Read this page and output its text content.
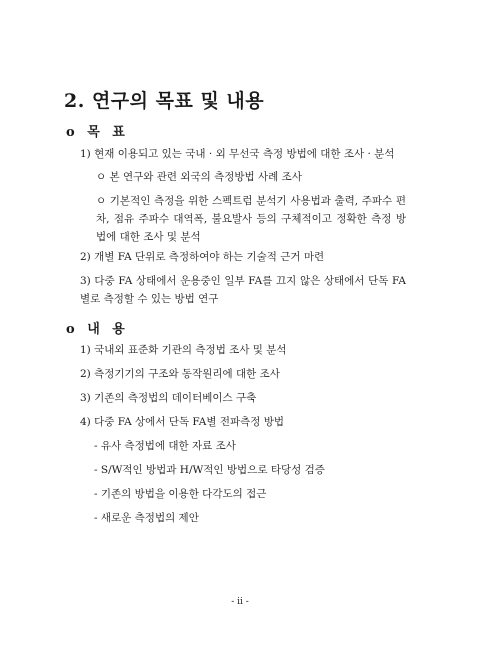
2. 연구의 목표 및 내용
o 목 표
1) 현재 이용되고 있는 국내 · 외 무선국 측정 방법에 대한 조사 · 분석
ㅇ 본 연구와 관련 외국의 측정방법 사례 조사
ㅇ 기본적인 측정을 위한 스펙트럼 분석기 사용법과 출력, 주파수 편차, 점유 주파수 대역폭, 불요발사 등의 구체적이고 정확한 측정 방법에 대한 조사 및 분석
2) 개별 FA 단위로 측정하여야 하는 기술적 근거 마련
3) 다중 FA 상태에서 운용중인 일부 FA를 끄지 않은 상태에서 단독 FA 별로 측정할 수 있는 방법 연구
o 내 용
1) 국내외 표준화 기관의 측정법 조사 및 분석
2) 측정기기의 구조와 동작원리에 대한 조사
3) 기존의 측정법의 데이터베이스 구축
4) 다중 FA 상에서 단독 FA별 전파측정 방법
- 유사 측정법에 대한 자료 조사
- S/W적인 방법과 H/W적인 방법으로 타당성 검증
- 기존의 방법을 이용한 다각도의 접근
- 새로운 측정법의 제안
- ii -
